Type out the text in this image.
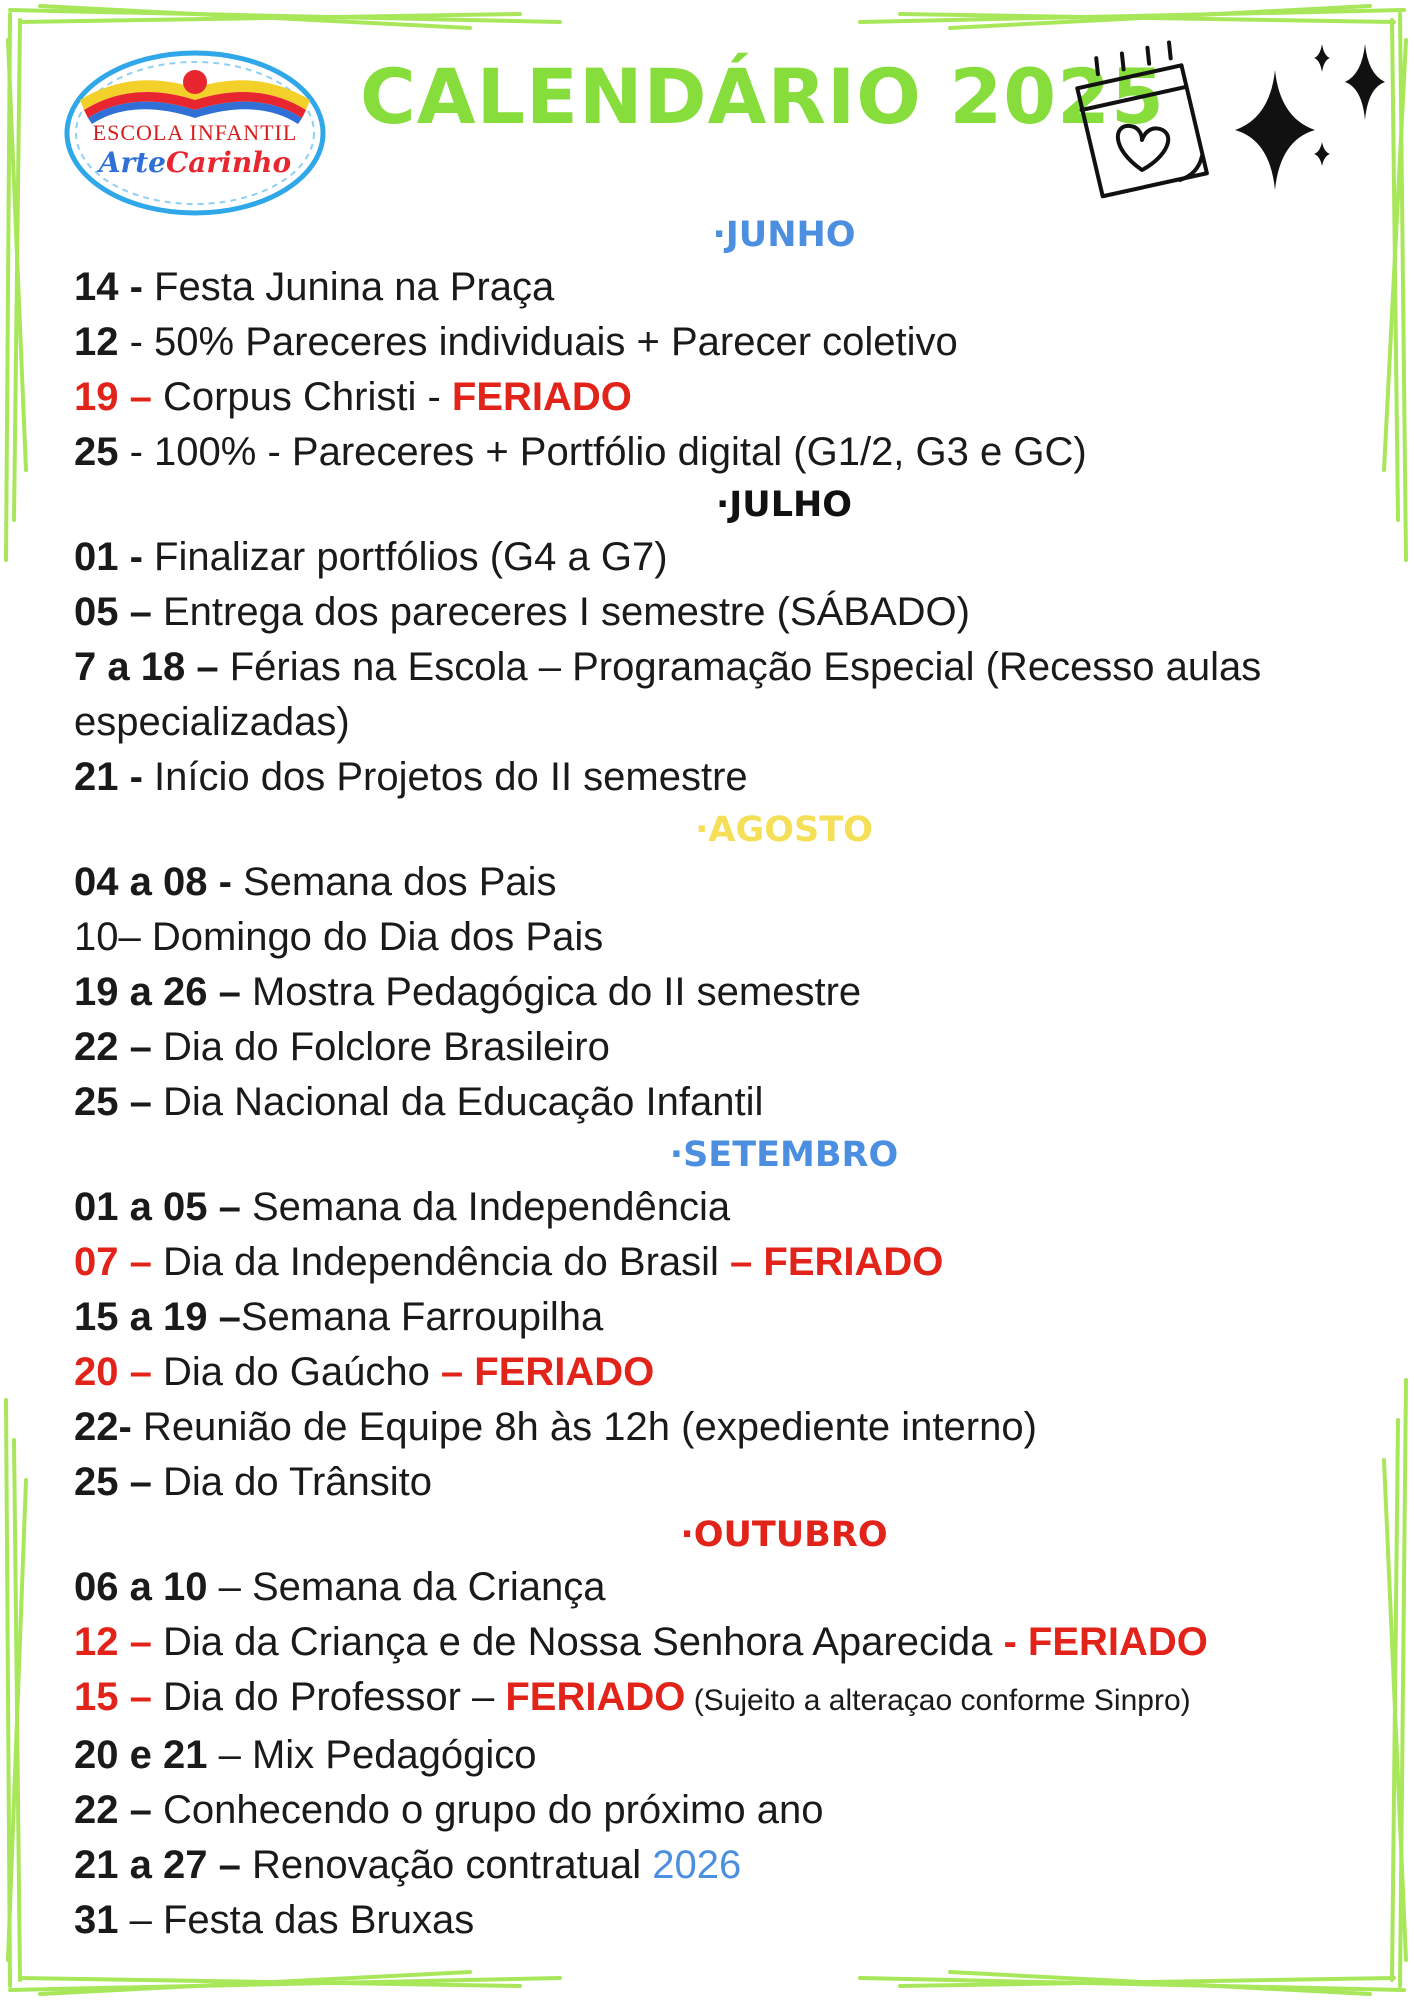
ESCOLA INFANTIL
ArteCarinho
CALENDÁRIO 2025
·JUNHO
14 - Festa Junina na Praça
12 - 50% Pareceres individuais + Parecer coletivo
19 – Corpus Christi - FERIADO
25 - 100% - Pareceres + Portfólio digital (G1/2, G3 e GC)
·JULHO
01 - Finalizar portfólios (G4 a G7)
05 – Entrega dos pareceres I semestre (SÁBADO)
7 a 18 – Férias na Escola – Programação Especial (Recesso aulas especializadas)
21 - Início dos Projetos do II semestre
·AGOSTO
04 a 08 - Semana dos Pais
10– Domingo do Dia dos Pais
19 a 26 – Mostra Pedagógica do II semestre
22 – Dia do Folclore Brasileiro
25 – Dia Nacional da Educação Infantil
·SETEMBRO
01 a 05 – Semana da Independência
07 – Dia da Independência do Brasil – FERIADO
15 a 19 –Semana Farroupilha
20 – Dia do Gaúcho – FERIADO
22- Reunião de Equipe 8h às 12h (expediente interno)
25 – Dia do Trânsito
·OUTUBRO
06 a 10 – Semana da Criança
12 – Dia da Criança e de Nossa Senhora Aparecida - FERIADO
15 – Dia do Professor – FERIADO (Sujeito a alteraçao conforme Sinpro)
20 e 21 – Mix Pedagógico
22 – Conhecendo o grupo do próximo ano
21 a 27 – Renovação contratual 2026
31 – Festa das Bruxas
